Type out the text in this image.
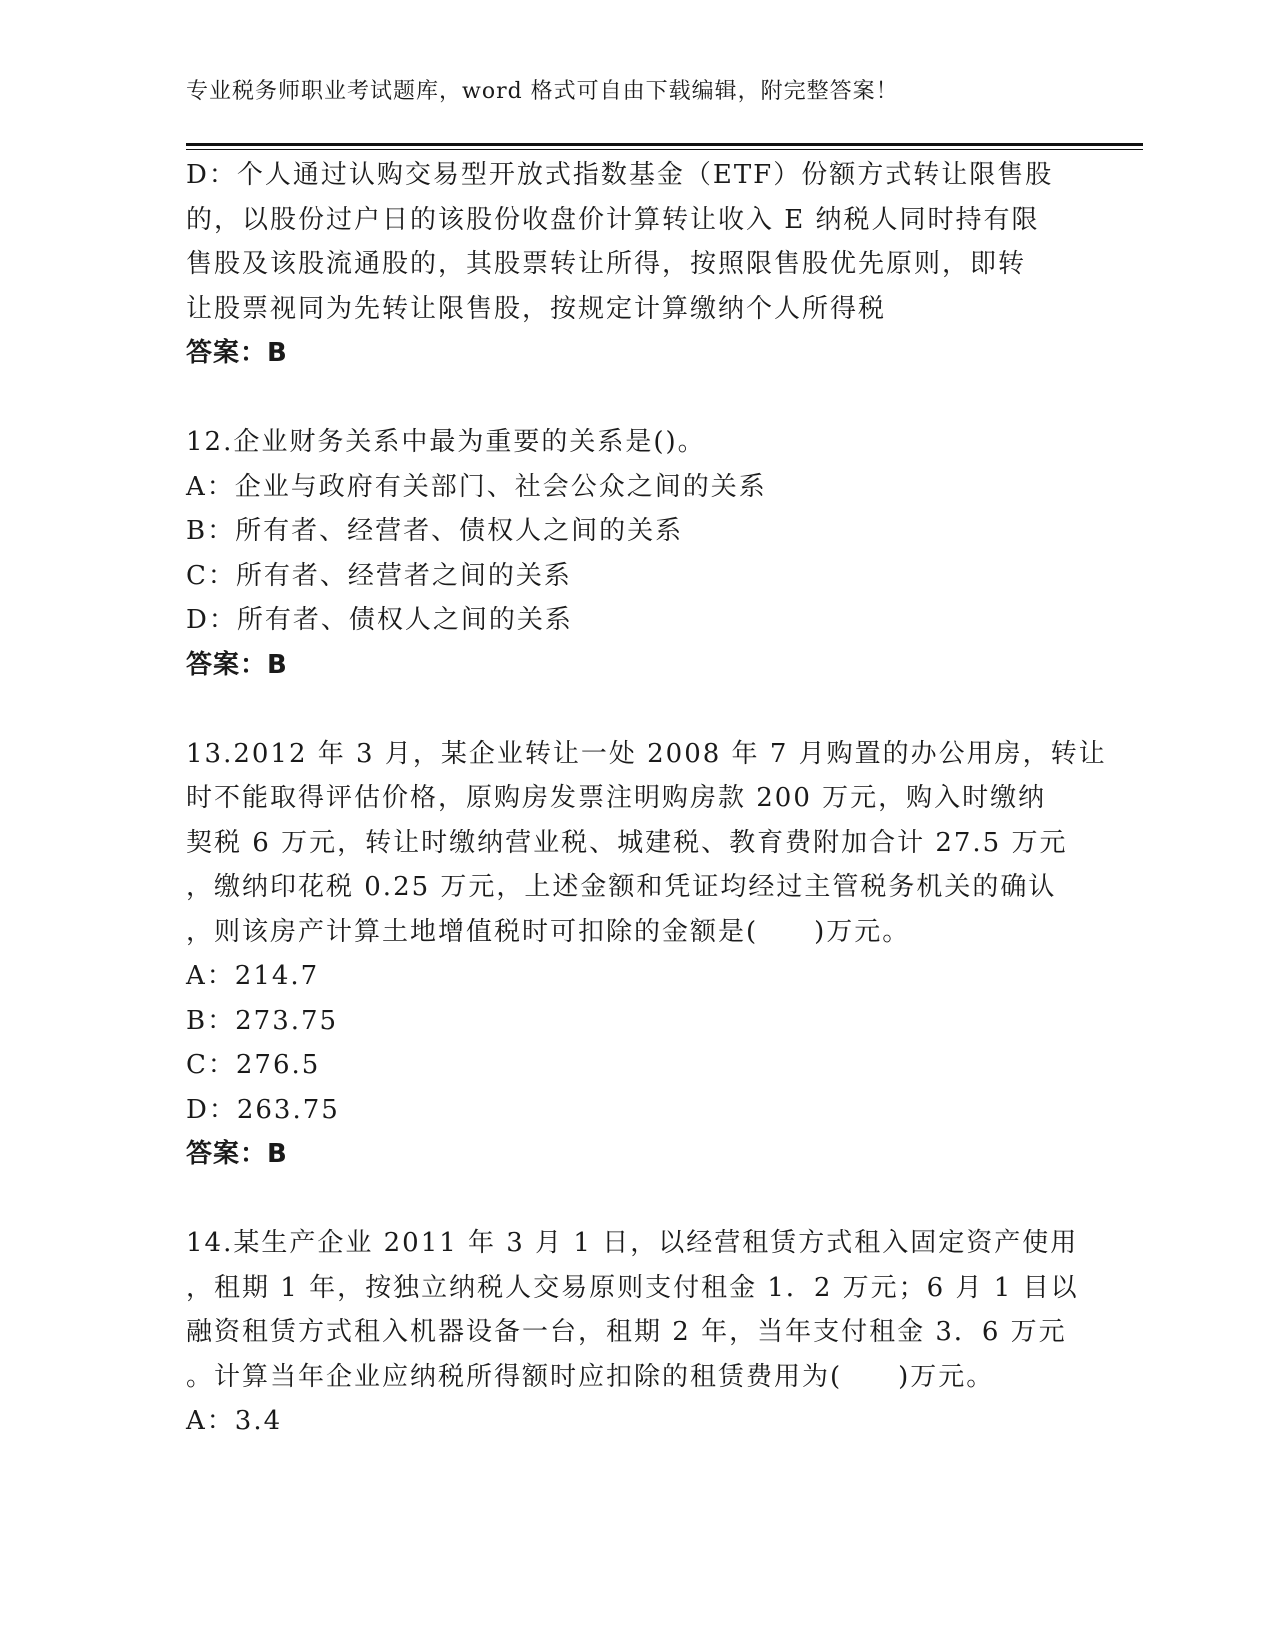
专业税务师职业考试题库，word 格式可自由下载编辑，附完整答案！
D：个人通过认购交易型开放式指数基金（ETF）份额方式转让限售股
的，以股份过户日的该股份收盘价计算转让收入 E 纳税人同时持有限
售股及该股流通股的，其股票转让所得，按照限售股优先原则，即转
让股票视同为先转让限售股，按规定计算缴纳个人所得税
答案：B
12.企业财务关系中最为重要的关系是()。
A：企业与政府有关部门、社会公众之间的关系
B：所有者、经营者、债权人之间的关系
C：所有者、经营者之间的关系
D：所有者、债权人之间的关系
答案：B
13.2012 年 3 月，某企业转让一处 2008 年 7 月购置的办公用房，转让
时不能取得评估价格，原购房发票注明购房款 200 万元，购入时缴纳
契税 6 万元，转让时缴纳营业税、城建税、教育费附加合计 27.5 万元
，缴纳印花税 0.25 万元，上述金额和凭证均经过主管税务机关的确认
，则该房产计算土地增值税时可扣除的金额是(　　)万元。
A：214.7
B：273.75
C：276.5
D：263.75
答案：B
14.某生产企业 2011 年 3 月 1 日，以经营租赁方式租入固定资产使用
，租期 1 年，按独立纳税人交易原则支付租金 1．2 万元；6 月 1 目以
融资租赁方式租入机器设备一台，租期 2 年，当年支付租金 3．6 万元
。计算当年企业应纳税所得额时应扣除的租赁费用为(　　)万元。
A：3.4
